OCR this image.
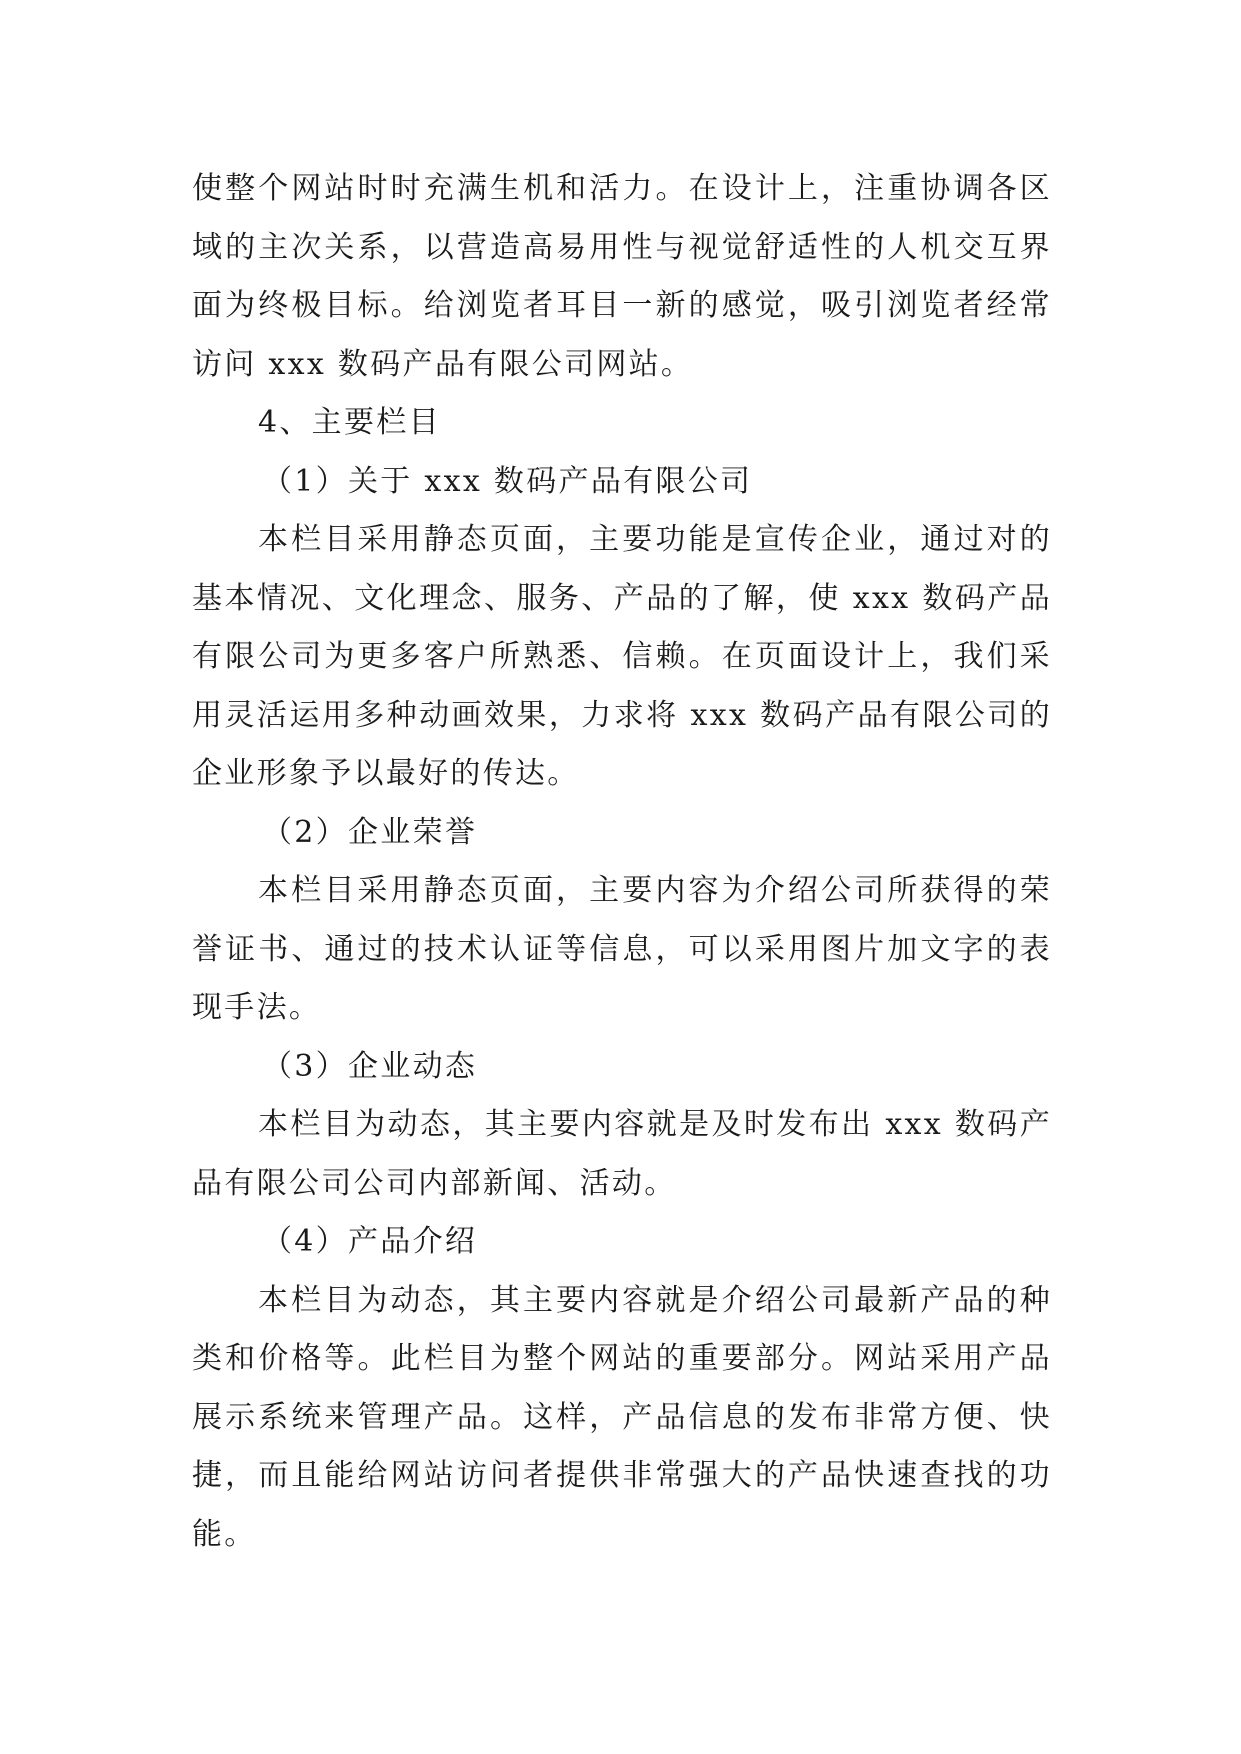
使整个网站时时充满生机和活力。在设计上，注重协调各区域的主次关系，以营造高易用性与视觉舒适性的人机交互界面为终极目标。给浏览者耳目一新的感觉，吸引浏览者经常访问 xxx 数码产品有限公司网站。

4、主要栏目

（1）关于 xxx 数码产品有限公司

本栏目采用静态页面，主要功能是宣传企业，通过对的基本情况、文化理念、服务、产品的了解，使 xxx 数码产品有限公司为更多客户所熟悉、信赖。在页面设计上，我们采用灵活运用多种动画效果，力求将 xxx 数码产品有限公司的企业形象予以最好的传达。

（2）企业荣誉

本栏目采用静态页面，主要内容为介绍公司所获得的荣誉证书、通过的技术认证等信息，可以采用图片加文字的表现手法。

（3）企业动态

本栏目为动态，其主要内容就是及时发布出 xxx 数码产品有限公司公司内部新闻、活动。

（4）产品介绍

本栏目为动态，其主要内容就是介绍公司最新产品的种类和价格等。此栏目为整个网站的重要部分。网站采用产品展示系统来管理产品。这样，产品信息的发布非常方便、快捷，而且能给网站访问者提供非常强大的产品快速查找的功能。
